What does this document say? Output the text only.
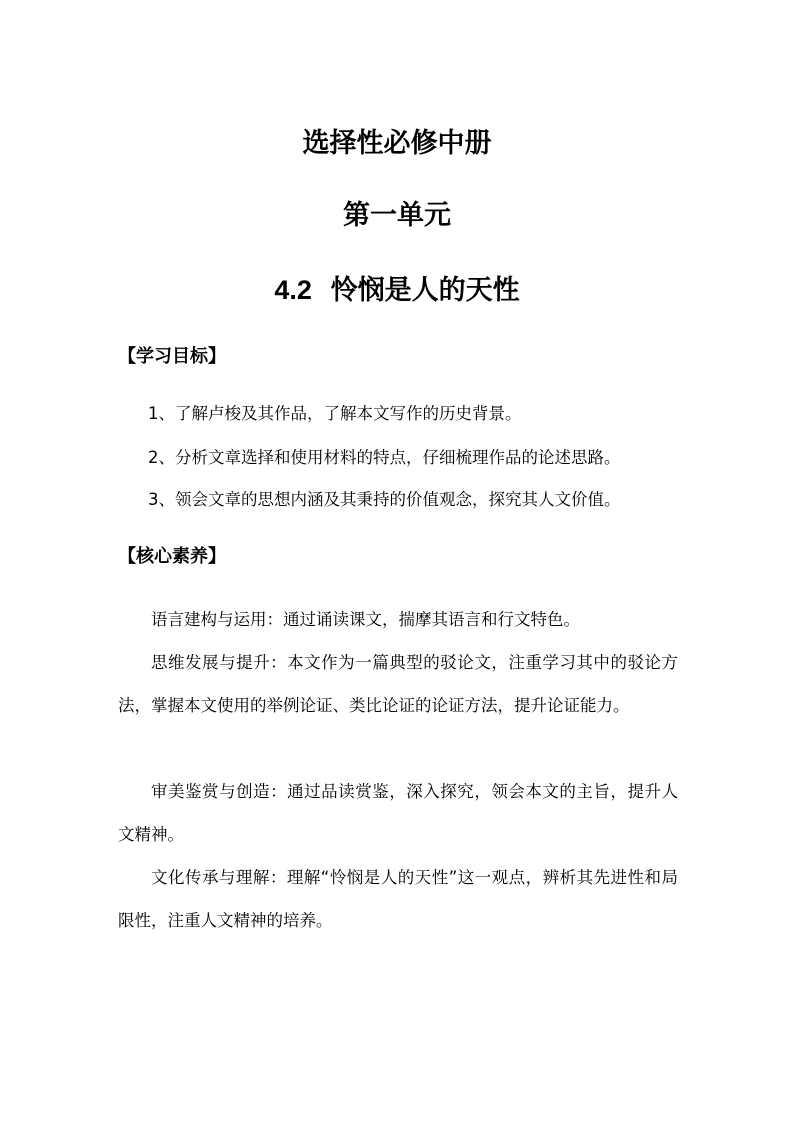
选择性必修中册
第一单元
4.2 怜悯是人的天性
【学习目标】

1、了解卢梭及其作品，了解本文写作的历史背景。

2、分析文章选择和使用材料的特点，仔细梳理作品的论述思路。

3、领会文章的思想内涵及其秉持的价值观念，探究其人文价值。

【核心素养】

语言建构与运用：通过诵读课文，揣摩其语言和行文特色。

思维发展与提升：本文作为一篇典型的驳论文，注重学习其中的驳论方法，掌握本文使用的举例论证、类比论证的论证方法，提升论证能力。

审美鉴赏与创造：通过品读赏鉴，深入探究，领会本文的主旨，提升人文精神。

文化传承与理解：理解“怜悯是人的天性”这一观点，辨析其先进性和局限性，注重人文精神的培养。
